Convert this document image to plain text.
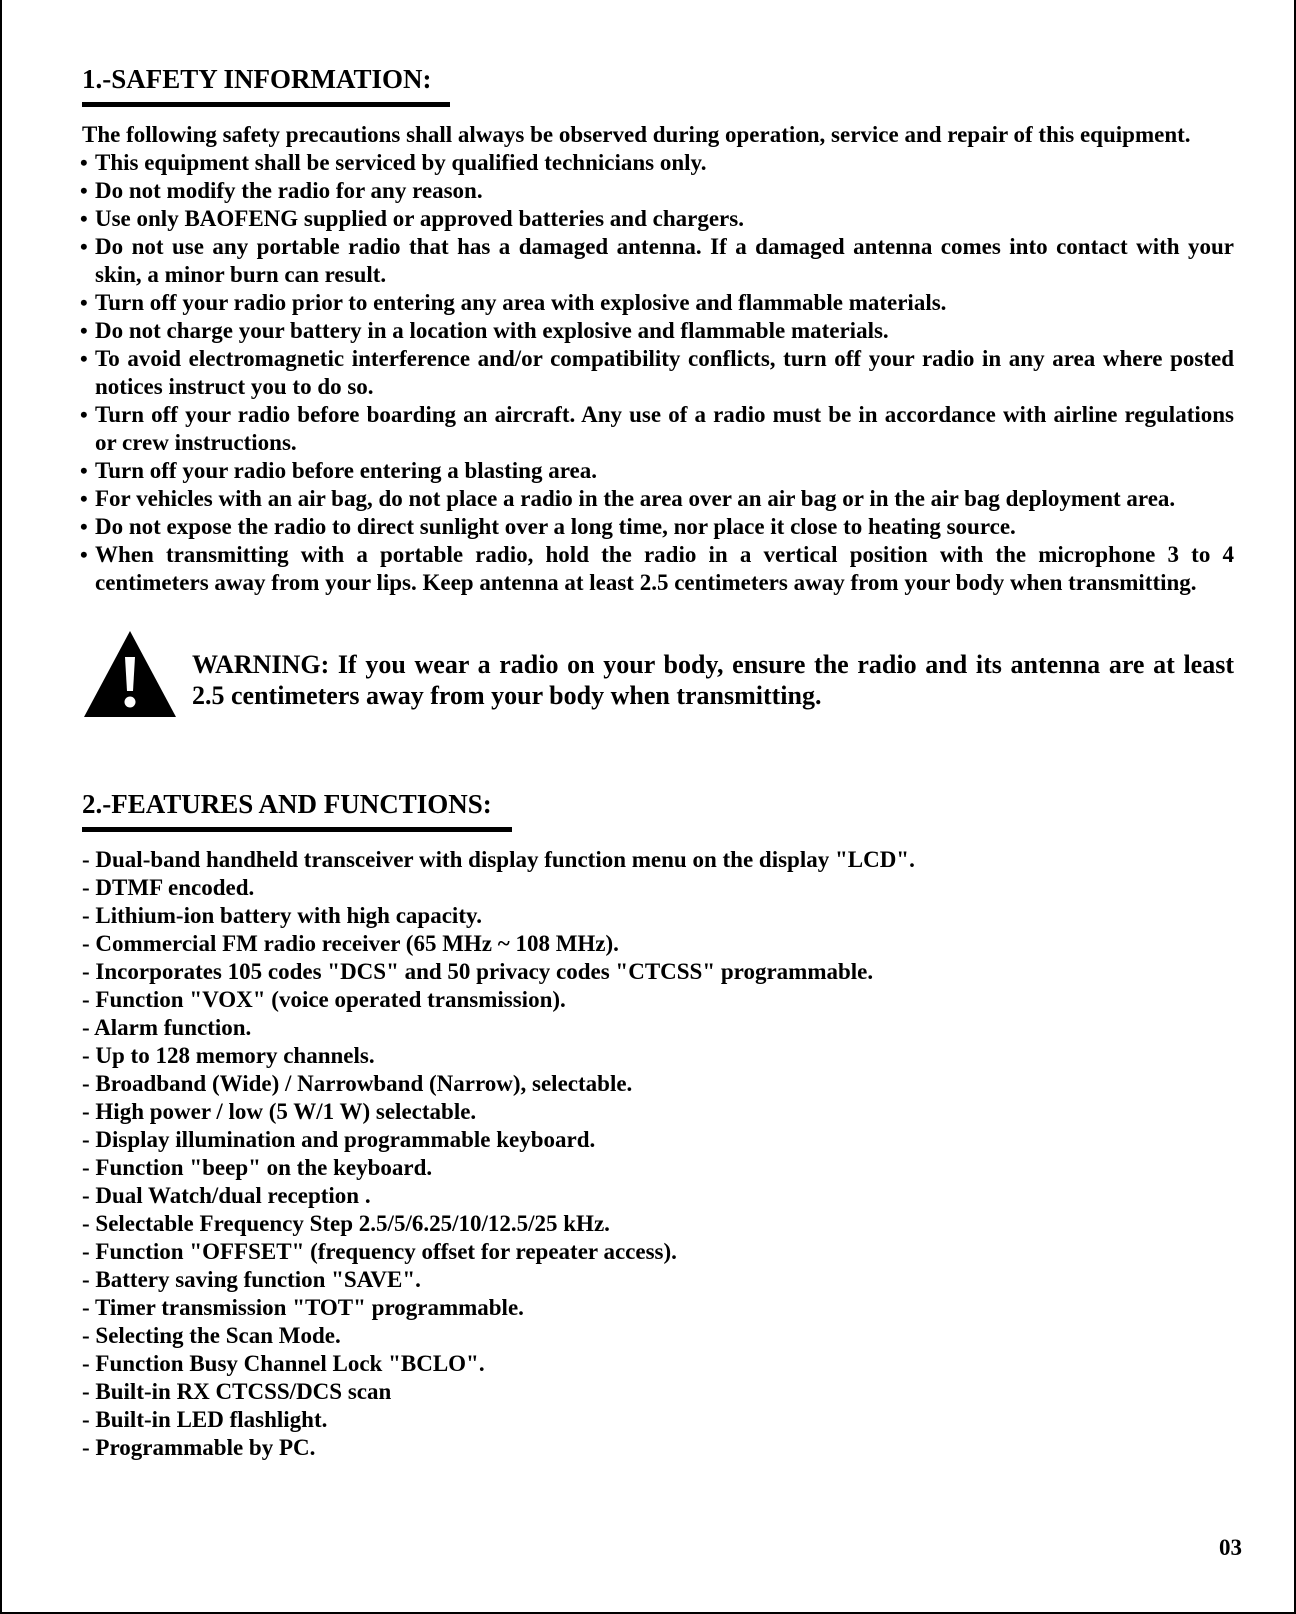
1.-SAFETY INFORMATION:

The following safety precautions shall always be observed during operation, service and repair of this equipment.

• This equipment shall be serviced by qualified technicians only.
• Do not modify the radio for any reason.
• Use only BAOFENG supplied or approved batteries and chargers.
• Do not use any portable radio that has a damaged antenna. If a damaged antenna comes into contact with your skin, a minor burn can result.
• Turn off your radio prior to entering any area with explosive and flammable materials.
• Do not charge your battery in a location with explosive and flammable materials.
• To avoid electromagnetic interference and/or compatibility conflicts, turn off your radio in any area where posted notices instruct you to do so.
• Turn off your radio before boarding an aircraft. Any use of a radio must be in accordance with airline regulations or crew instructions.
• Turn off your radio before entering a blasting area.
• For vehicles with an air bag, do not place a radio in the area over an air bag or in the air bag deployment area.
• Do not expose the radio to direct sunlight over a long time, nor place it close to heating source.
• When transmitting with a portable radio, hold the radio in a vertical position with the microphone 3 to 4 centimeters away from your lips. Keep antenna at least 2.5 centimeters away from your body when transmitting.
WARNING: If you wear a radio on your body, ensure the radio and its antenna are at least 2.5 centimeters away from your body when transmitting.
2.-FEATURES AND FUNCTIONS:
- Dual-band handheld transceiver with display function menu on the display "LCD".
- DTMF encoded.
- Lithium-ion battery with high capacity.
- Commercial FM radio receiver (65 MHz ~ 108 MHz).
- Incorporates 105 codes "DCS" and 50 privacy codes "CTCSS" programmable.
- Function "VOX" (voice operated transmission).
- Alarm function.
- Up to 128 memory channels.
- Broadband (Wide) / Narrowband (Narrow), selectable.
- High power / low (5 W/1 W) selectable.
- Display illumination and programmable keyboard.
- Function "beep" on the keyboard.
- Dual Watch/dual reception .
- Selectable Frequency Step 2.5/5/6.25/10/12.5/25 kHz.
- Function "OFFSET" (frequency offset for repeater access).
- Battery saving function "SAVE".
- Timer transmission "TOT" programmable.
- Selecting the Scan Mode.
- Function Busy Channel Lock "BCLO".
- Built-in RX CTCSS/DCS scan
- Built-in LED flashlight.
- Programmable by PC.
03
